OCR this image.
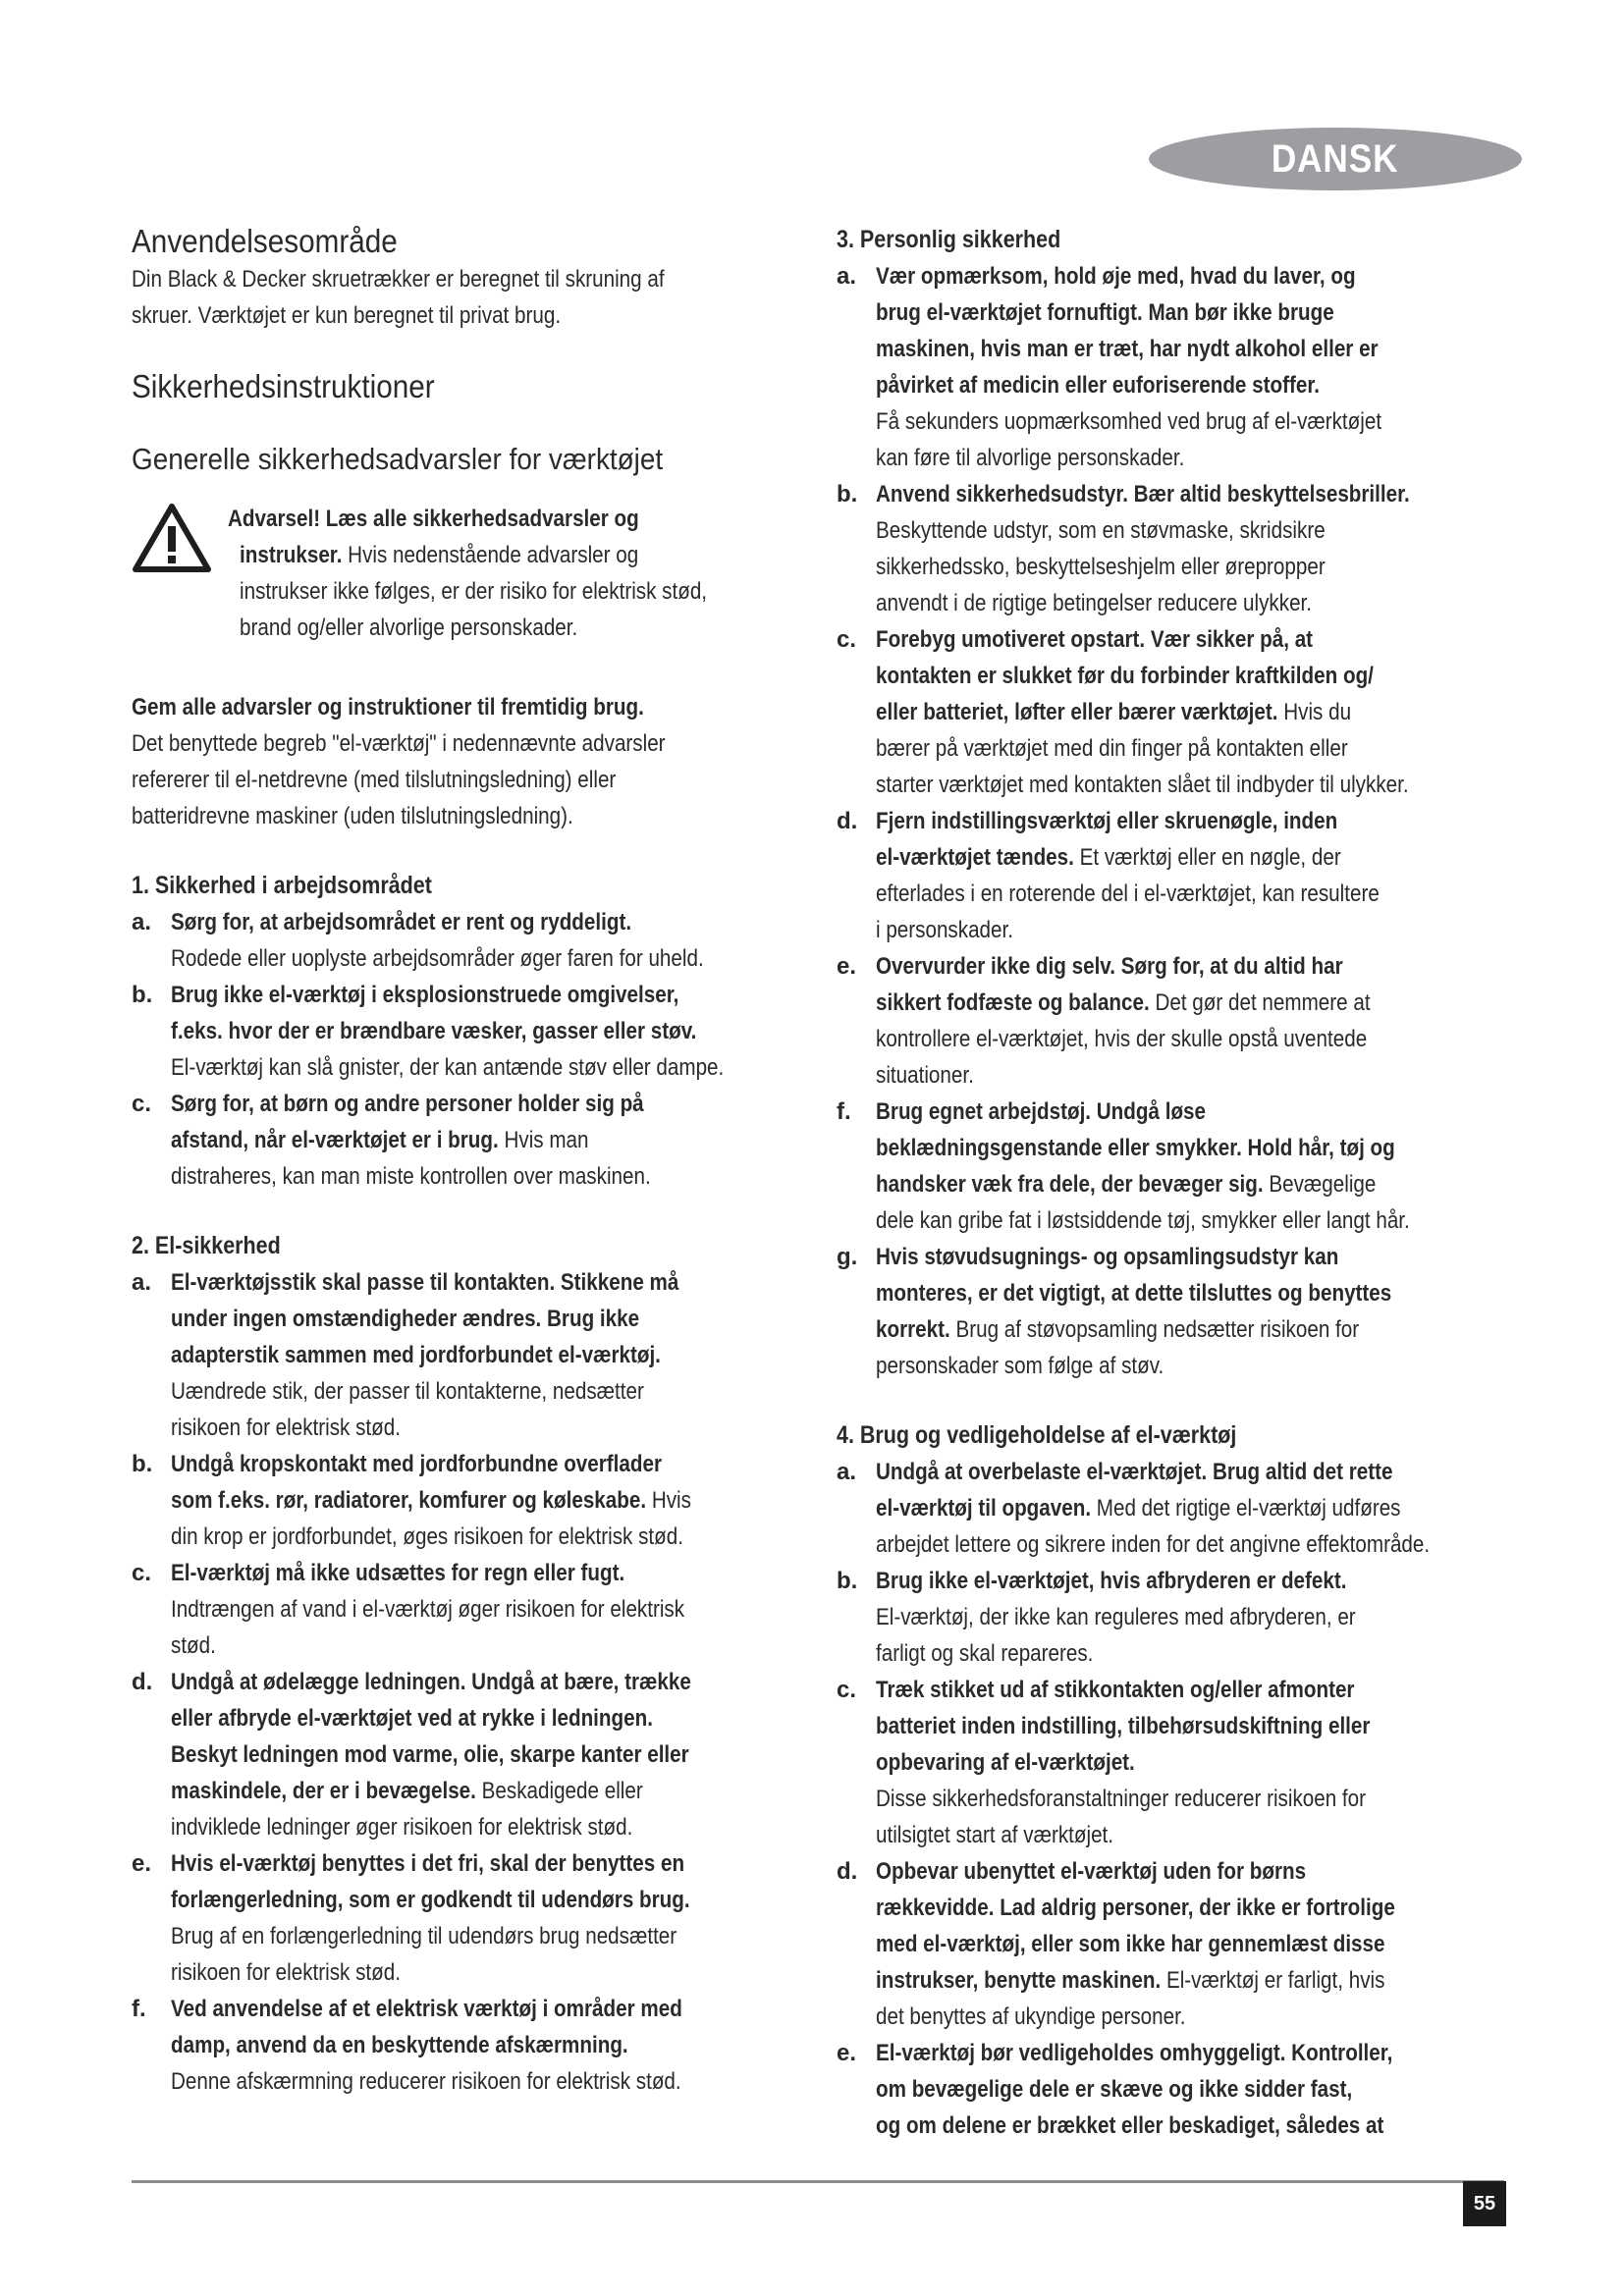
DANSK
Anvendelsesområde

Din Black & Decker skruetrækker er beregnet til skruning af
skruer. Værktøjet er kun beregnet til privat brug.

Sikkerhedsinstruktioner
Generelle sikkerhedsadvarsler for værktøjet
Advarsel! Læs alle sikkerhedsadvarsler og
instrukser. Hvis nedenstående advarsler og
instrukser ikke følges, er der risiko for elektrisk stød,
brand og/eller alvorlige personskader.

Gem alle advarsler og instruktioner til fremtidig brug.
Det benyttede begreb "el-værktøj" i nedennævnte advarsler
refererer til el-netdrevne (med tilslutningsledning) eller
batteridrevne maskiner (uden tilslutningsledning).

1. Sikkerhed i arbejdsområdet

a. Sørg for, at arbejdsområdet er rent og ryddeligt.
Rodede eller uoplyste arbejdsområder øger faren for uheld.
b. Brug ikke el-værktøj i eksplosionstruede omgivelser,
f.eks. hvor der er brændbare væsker, gasser eller støv.
El-værktøj kan slå gnister, der kan antænde støv eller dampe.
c. Sørg for, at børn og andre personer holder sig på
afstand, når el-værktøjet er i brug. Hvis man
distraheres, kan man miste kontrollen over maskinen.

2. El-sikkerhed

a. El-værktøjsstik skal passe til kontakten. Stikkene må
under ingen omstændigheder ændres. Brug ikke
adapterstik sammen med jordforbundet el-værktøj.
Uændrede stik, der passer til kontakterne, nedsætter
risikoen for elektrisk stød.
b. Undgå kropskontakt med jordforbundne overflader
som f.eks. rør, radiatorer, komfurer og køleskabe. Hvis
din krop er jordforbundet, øges risikoen for elektrisk stød.
c. El-værktøj må ikke udsættes for regn eller fugt.
Indtrængen af vand i el-værktøj øger risikoen for elektrisk
stød.
d. Undgå at ødelægge ledningen. Undgå at bære, trække
eller afbryde el-værktøjet ved at rykke i ledningen.
Beskyt ledningen mod varme, olie, skarpe kanter eller
maskindele, der er i bevægelse. Beskadigede eller
indviklede ledninger øger risikoen for elektrisk stød.
e. Hvis el-værktøj benyttes i det fri, skal der benyttes en
forlængerledning, som er godkendt til udendørs brug.
Brug af en forlængerledning til udendørs brug nedsætter
risikoen for elektrisk stød.
f.	Ved anvendelse af et elektrisk værktøj i områder med
damp, anvend da en beskyttende afskærmning.
Denne afskærmning reducerer risikoen for elektrisk stød.

3. Personlig sikkerhed

a. Vær opmærksom, hold øje med, hvad du laver, og
brug el-værktøjet fornuftigt. Man bør ikke bruge
maskinen, hvis man er træt, har nydt alkohol eller er
påvirket af medicin eller euforiserende stoffer.
Få sekunders uopmærksomhed ved brug af el-værktøjet
kan føre til alvorlige personskader.
b. Anvend sikkerhedsudstyr. Bær altid beskyttelsesbriller.
Beskyttende udstyr, som en støvmaske, skridsikre
sikkerhedssko, beskyttelseshjelm eller ørepropper
anvendt i de rigtige betingelser reducere ulykker.
c. Forebyg umotiveret opstart. Vær sikker på, at
kontakten er slukket før du forbinder kraftkilden og/
eller batteriet, løfter eller bærer værktøjet. Hvis du
bærer på værktøjet med din finger på kontakten eller
starter værktøjet med kontakten slået til indbyder til ulykker.
d. Fjern indstillingsværktøj eller skruenøgle, inden
el-værktøjet tændes. Et værktøj eller en nøgle, der
efterlades i en roterende del i el-værktøjet, kan resultere
i personskader.
e. Overvurder ikke dig selv. Sørg for, at du altid har
sikkert fodfæste og balance. Det gør det nemmere at
kontrollere el-værktøjet, hvis der skulle opstå uventede
situationer.
f.	Brug egnet arbejdstøj. Undgå løse
beklædningsgenstande eller smykker. Hold hår, tøj og
handsker væk fra dele, der bevæger sig. Bevægelige
dele kan gribe fat i løstsiddende tøj, smykker eller langt hår.
g. Hvis støvudsugnings- og opsamlingsudstyr kan
monteres, er det vigtigt, at dette tilsluttes og benyttes
korrekt. Brug af støvopsamling nedsætter risikoen for
personskader som følge af støv.

4. Brug og vedligeholdelse af el-værktøj

a. Undgå at overbelaste el-værktøjet. Brug altid det rette
el-værktøj til opgaven. Med det rigtige el-værktøj udføres
arbejdet lettere og sikrere inden for det angivne effektområde.
b. Brug ikke el-værktøjet, hvis afbryderen er defekt.
El-værktøj, der ikke kan reguleres med afbryderen, er
farligt og skal repareres.
c. Træk stikket ud af stikkontakten og/eller afmonter
batteriet inden indstilling, tilbehørsudskiftning eller
opbevaring af el-værktøjet.
Disse sikkerhedsforanstaltninger reducerer risikoen for
utilsigtet start af værktøjet.
d. Opbevar ubenyttet el-værktøj uden for børns
rækkevidde. Lad aldrig personer, der ikke er fortrolige
med el-værktøj, eller som ikke har gennemlæst disse
instrukser, benytte maskinen. El-værktøj er farligt, hvis
det benyttes af ukyndige personer.
e. El-værktøj bør vedligeholdes omhyggeligt. Kontroller,
om bevægelige dele er skæve og ikke sidder fast,
og om delene er brækket eller beskadiget, således at
55
